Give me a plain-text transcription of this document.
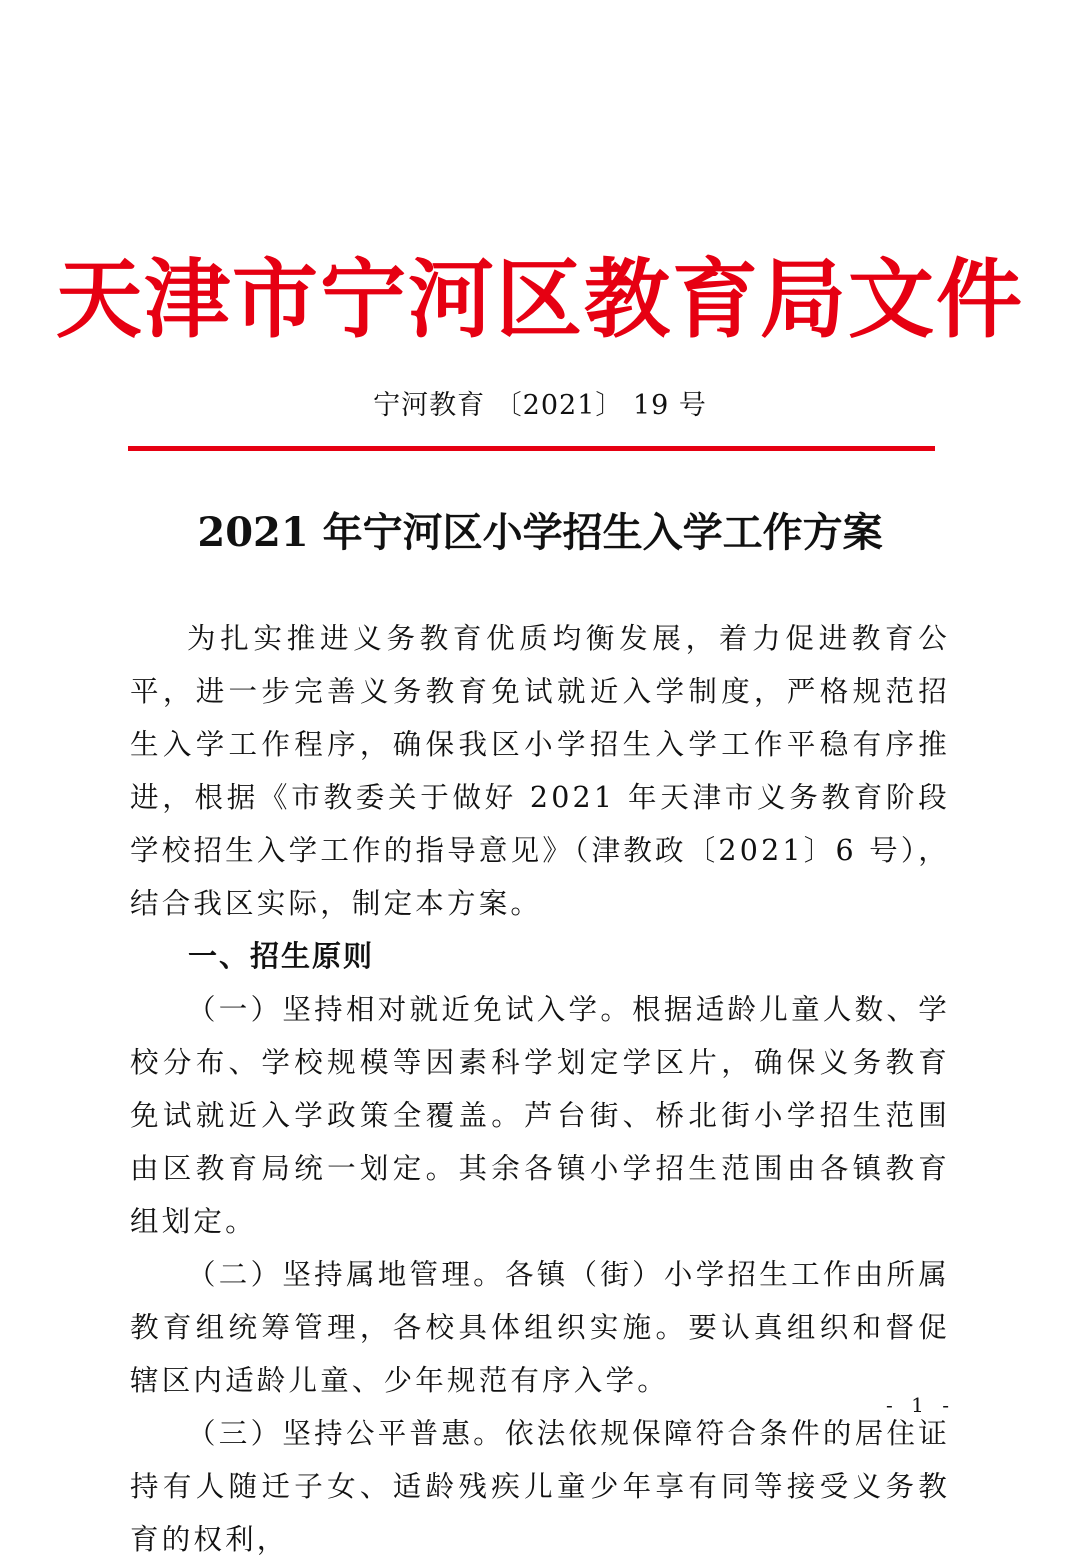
天津市宁河区教育局文件
宁河教育 〔2021〕 19 号
2021 年宁河区小学招生入学工作方案

为扎实推进义务教育优质均衡发展，着力促进教育公平，进一步完善义务教育免试就近入学制度，严格规范招生入学工作程序，确保我区小学招生入学工作平稳有序推进，根据《市教委关于做好 2021 年天津市义务教育阶段学校招生入学工作的指导意见》（津教政〔2021〕6 号），结合我区实际，制定本方案。

一、招生原则

（一）坚持相对就近免试入学。根据适龄儿童人数、学校分布、学校规模等因素科学划定学区片，确保义务教育免试就近入学政策全覆盖。芦台街、桥北街小学招生范围由区教育局统一划定。其余各镇小学招生范围由各镇教育组划定。

（二）坚持属地管理。各镇（街）小学招生工作由所属教育组统筹管理，各校具体组织实施。要认真组织和督促辖区内适龄儿童、少年规范有序入学。

（三）坚持公平普惠。依法依规保障符合条件的居住证持有人随迁子女、适龄残疾儿童少年享有同等接受义务教育的权利，

- 1 -
